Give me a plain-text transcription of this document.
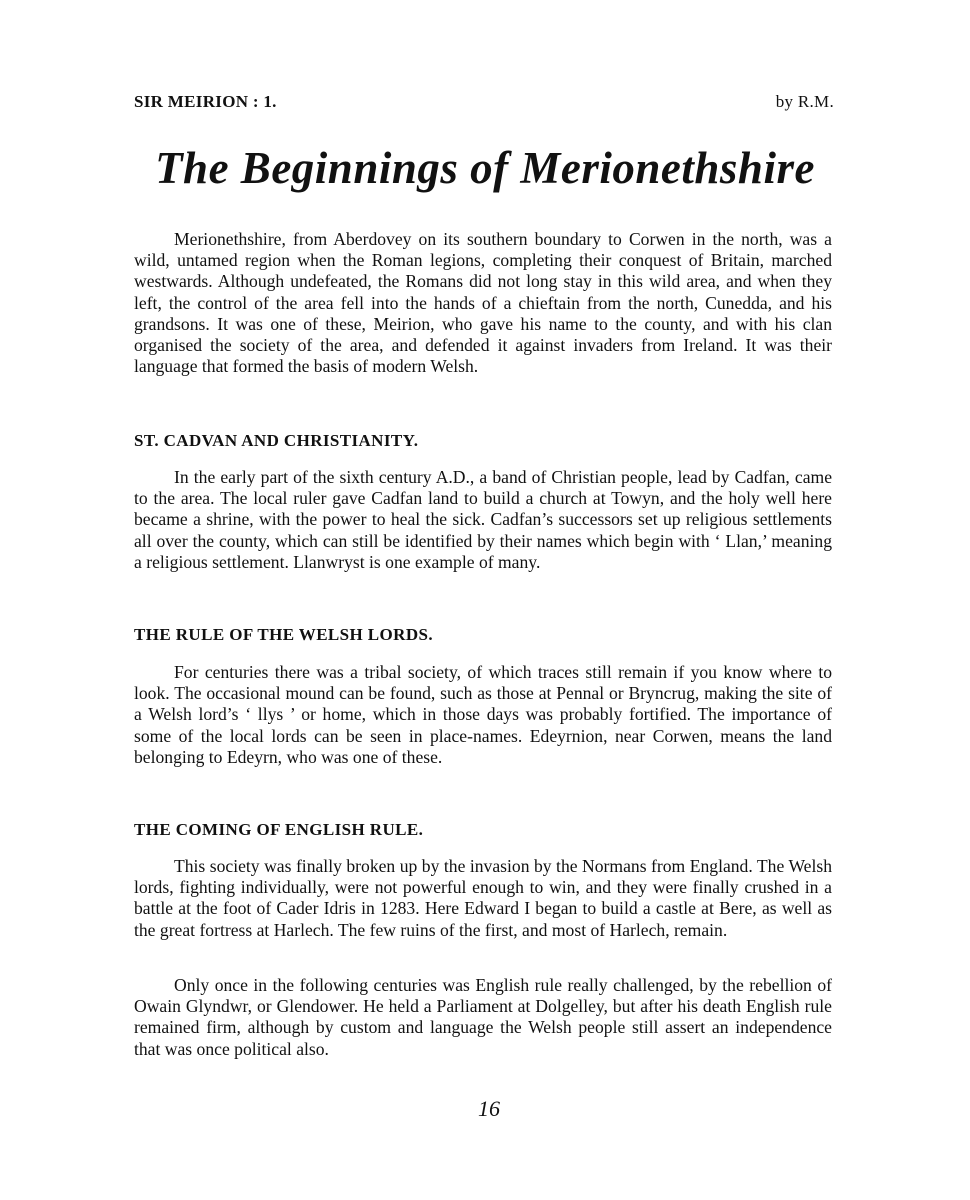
SIR MEIRION : 1.	by R.M.
The Beginnings of Merionethshire

Merionethshire, from Aberdovey on its southern boundary to Corwen in the north, was a wild, untamed region when the Roman legions, completing their conquest of Britain, marched westwards. Although undefeated, the Romans did not long stay in this wild area, and when they left, the control of the area fell into the hands of a chieftain from the north, Cunedda, and his grandsons. It was one of these, Meirion, who gave his name to the county, and with his clan organised the society of the area, and defended it against invaders from Ireland. It was their language that formed the basis of modern Welsh.

ST. CADVAN AND CHRISTIANITY.

In the early part of the sixth century A.D., a band of Christian people, lead by Cadfan, came to the area. The local ruler gave Cadfan land to build a church at Towyn, and the holy well here became a shrine, with the power to heal the sick. Cadfan’s successors set up religious settlements all over the county, which can still be identified by their names which begin with ‘ Llan,’ meaning a religious settlement. Llanwryst is one example of many.

THE RULE OF THE WELSH LORDS.

For centuries there was a tribal society, of which traces still remain if you know where to look. The occasional mound can be found, such as those at Pennal or Bryncrug, making the site of a Welsh lord’s ‘ llys ’ or home, which in those days was probably fortified. The importance of some of the local lords can be seen in place-names. Edeyrnion, near Corwen, means the land belonging to Edeyrn, who was one of these.

THE COMING OF ENGLISH RULE.

This society was finally broken up by the invasion by the Normans from England. The Welsh lords, fighting individually, were not powerful enough to win, and they were finally crushed in a battle at the foot of Cader Idris in 1283. Here Edward I began to build a castle at Bere, as well as the great fortress at Harlech. The few ruins of the first, and most of Harlech, remain.

Only once in the following centuries was English rule really challenged, by the rebellion of Owain Glyndwr, or Glendower. He held a Parliament at Dolgelley, but after his death English rule remained firm, although by custom and language the Welsh people still assert an independence that was once political also.

16
